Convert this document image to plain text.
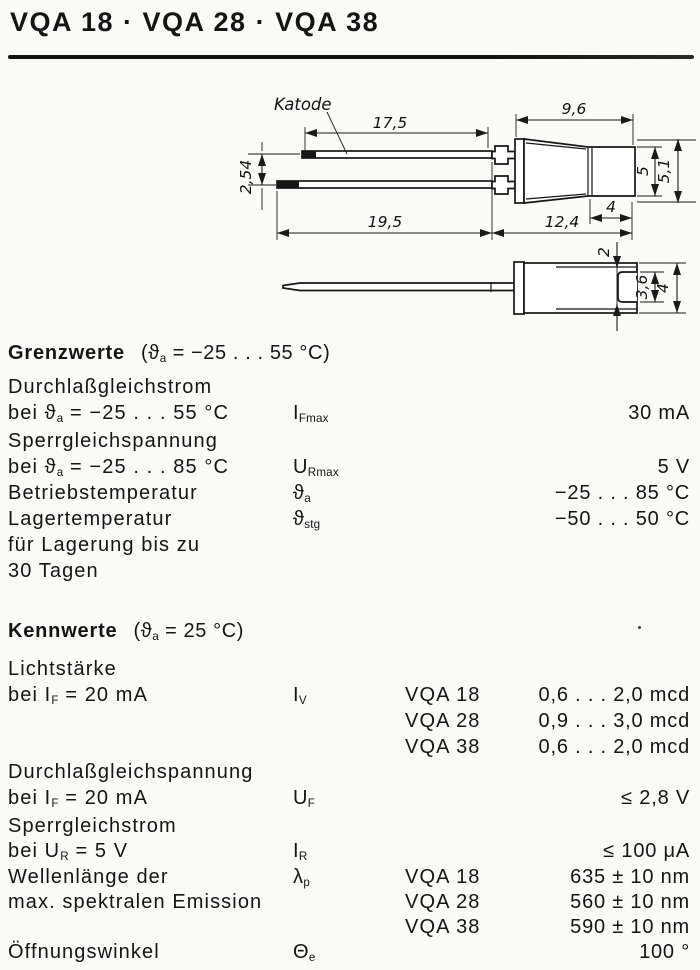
VQA 18 · VQA 28 · VQA 38
Katode
17,5
2,54
19,5	12,4
9,6
4
5 5,1
2
3,6 4
Grenzwerte ($ϑ_a = -25$ . . . 55 °C)
Durchlaßgleichstrom
bei $ϑ_a = -25$ . . . 55 °C	$I_{Fmax}$	30 mA
Sperrgleichspannung
bei $ϑ_a = -25$ . . . 85 °C	$U_{Rmax}$	5 V
Betriebstemperatur	$ϑ_a$	−25 . . . 85 °C
Lagertemperatur	$ϑ_{stg}$	−50 . . . 50 °C
für Lagerung bis zu
30 Tagen
Kennwerte ($ϑ_a = 25$ °C)
Lichtstärke
bei $I_F = 20$ mA	$I_V$	VQA 18	0,6 . . . 2,0 mcd
VQA 28	0,9 . . . 3,0 mcd
VQA 38	0,6 . . . 2,0 mcd
Durchlaßgleichspannung
bei $I_F = 20$ mA	$U_F$	≤ 2,8 V
Sperrgleichstrom
bei $U_R = 5$ V	$I_R$	≤ 100 μA
Wellenlänge der	$\lambda_p$	VQA 18	635 ± 10 nm
max. spektralen Emission	VQA 28	560 ± 10 nm
VQA 38	590 ± 10 nm
Öffnungswinkel	$\Theta_e$	100 °
